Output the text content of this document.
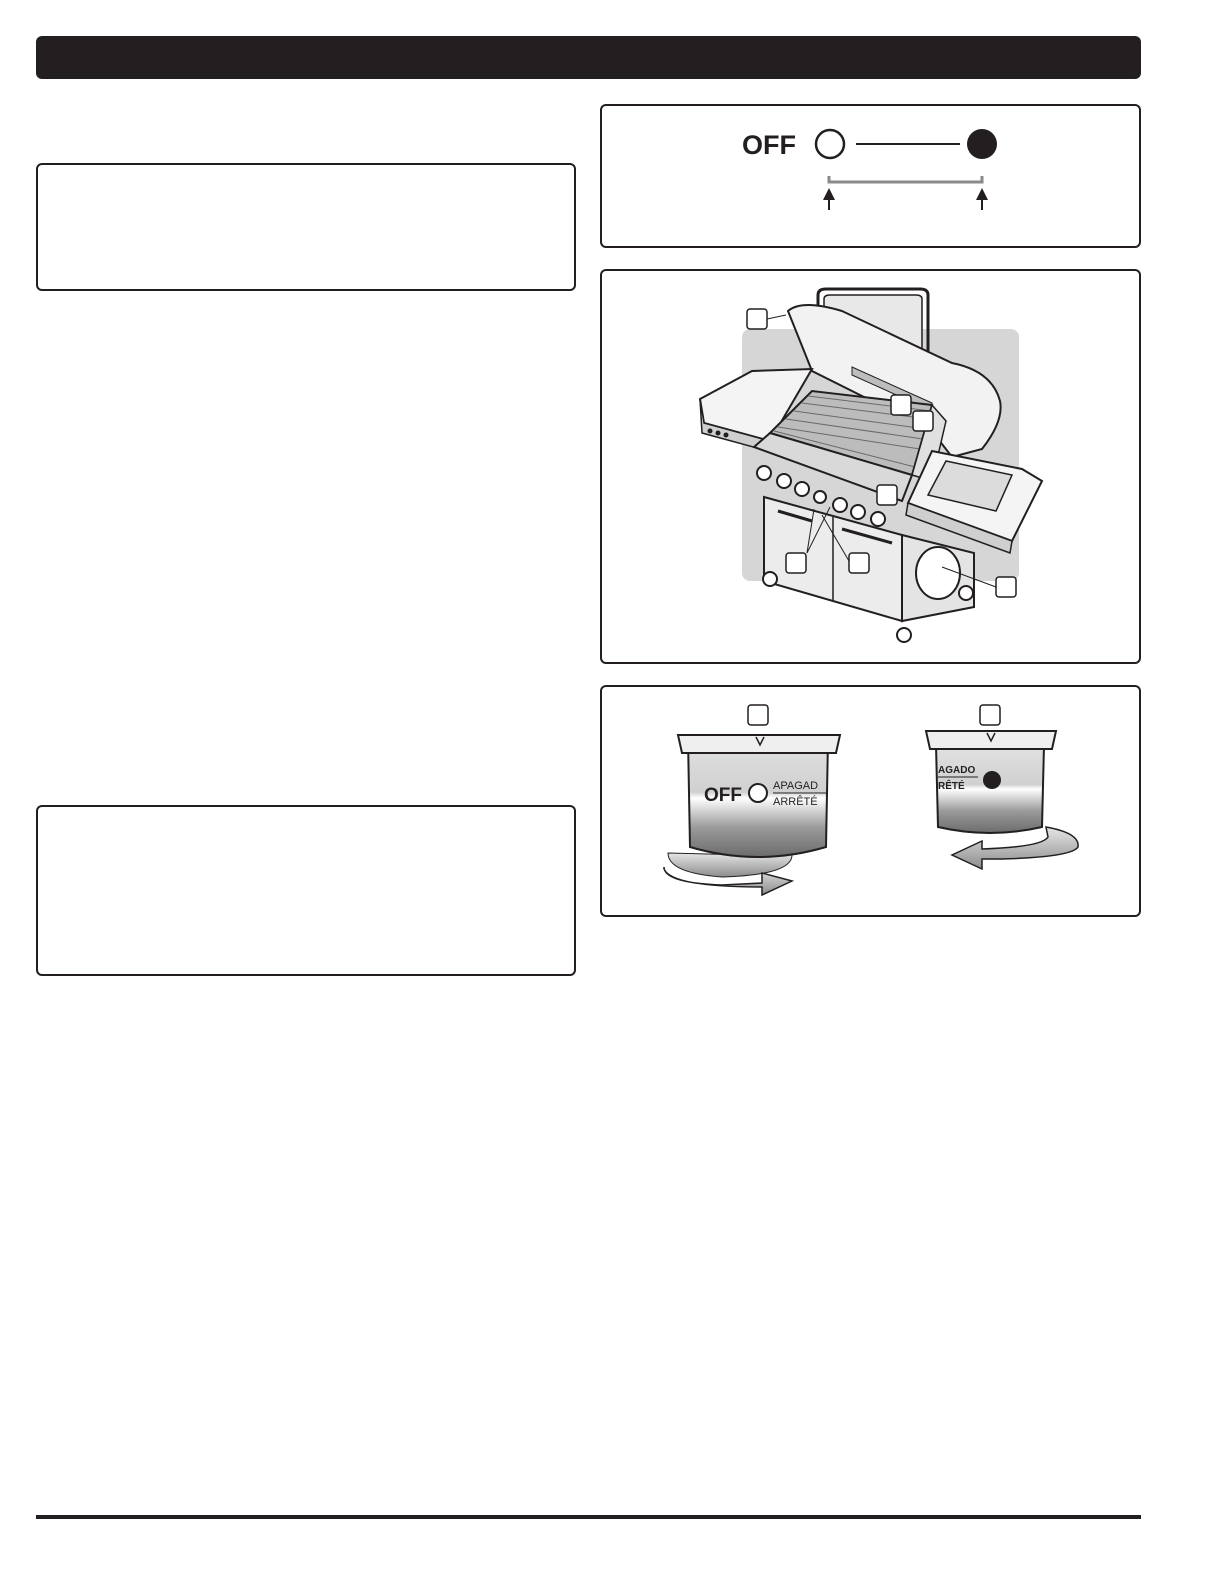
OFF
OFF	APAGAD
ARRÊTÉ
AGADO
RÊTÉ
